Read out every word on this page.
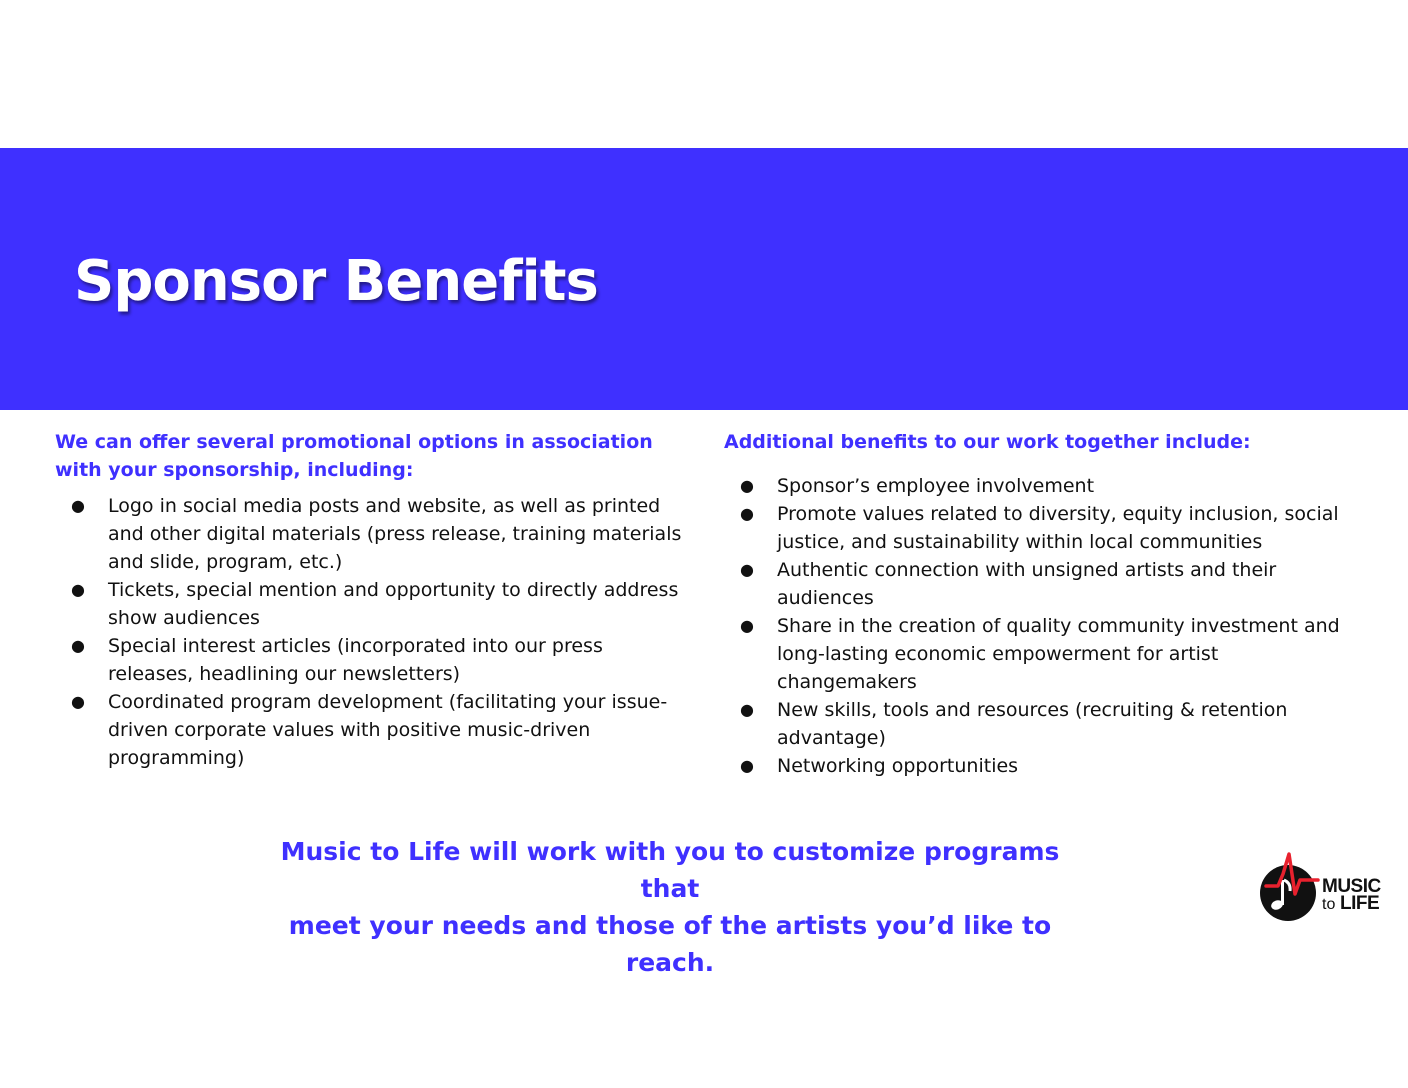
Sponsor Benefits

We can offer several promotional options in association with your sponsorship, including:

● Logo in social media posts and website, as well as printed and other digital materials (press release, training materials and slide, program, etc.)
● Tickets, special mention and opportunity to directly address show audiences
● Special interest articles (incorporated into our press releases, headlining our newsletters)
● Coordinated program development (facilitating your issue-driven corporate values with positive music-driven programming)

Additional benefits to our work together include:

● Sponsor’s employee involvement
● Promote values related to diversity, equity inclusion, social justice, and sustainability within local communities
● Authentic connection with unsigned artists and their audiences
● Share in the creation of quality community investment and long-lasting economic empowerment for artist changemakers
● New skills, tools and resources (recruiting & retention advantage)
● Networking opportunities

Music to Life will work with you to customize programs that
meet your needs and those of the artists you’d like to reach.

MUSIC
to LIFE
